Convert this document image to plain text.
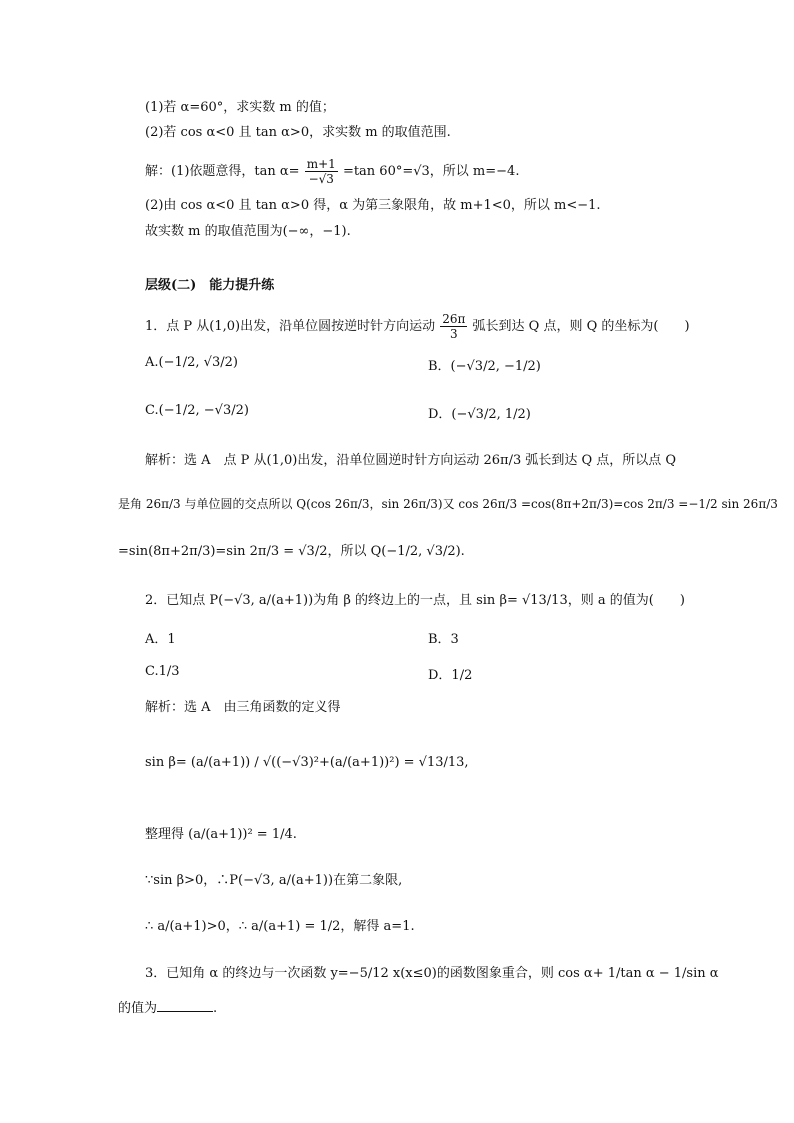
(1)若 α=60°，求实数 m 的值；
(2)若 cos α<0 且 tan α>0，求实数 m 的取值范围.
解：(1)依题意得，$\tan \alpha= \frac{m+1}{-√3} =\tan$ 60°=√3，所以 m=−4.
(2)由 cos α<0 且 tan α>0 得，α 为第三象限角，故 m+1<0，所以 m<−1.
故实数 m 的取值范围为(−∞，−1).
层级(二)　能力提升练
1．点 P 从(1,0)出发，沿单位圆按逆时针方向运动 $\frac{26\pi}{3}$ 弧长到达 Q 点，则 Q 的坐标为(　　)
A.(−1/2, √3/2)	B．(−√3/2, −1/2)
C.(−1/2, −√3/2)	D．(−√3/2, 1/2)
解析：选 A　点 P 从(1,0)出发，沿单位圆逆时针方向运动 26π/3 弧长到达 Q 点，所以点 Q
是角 26π/3 与单位圆的交点所以 Q(cos 26π/3，sin 26π/3)又 cos 26π/3 =cos(8π+2π/3)=cos 2π/3 =−1/2 sin 26π/3
=sin(8π+2π/3)=sin 2π/3 = √3/2，所以 Q(−1/2, √3/2).
2．已知点 P(−√3, a/(a+1))为角 β 的终边上的一点，且 sin β= √13/13，则 a 的值为(　　)
A．1	B．3
C.1/3	D．1/2
解析：选 A　由三角函数的定义得
sin β= (a/(a+1)) / √((−√3)²+(a/(a+1))²) = √13/13,
整理得 (a/(a+1))² = 1/4.
∵sin β>0，∴P(−√3, a/(a+1))在第二象限,
∴ a/(a+1)>0，∴ a/(a+1) = 1/2，解得 a=1.
3．已知角 α 的终边与一次函数 y=−5/12 x(x≤0)的函数图象重合，则 cos α+ 1/tan α − 1/sin α
的值为	.
